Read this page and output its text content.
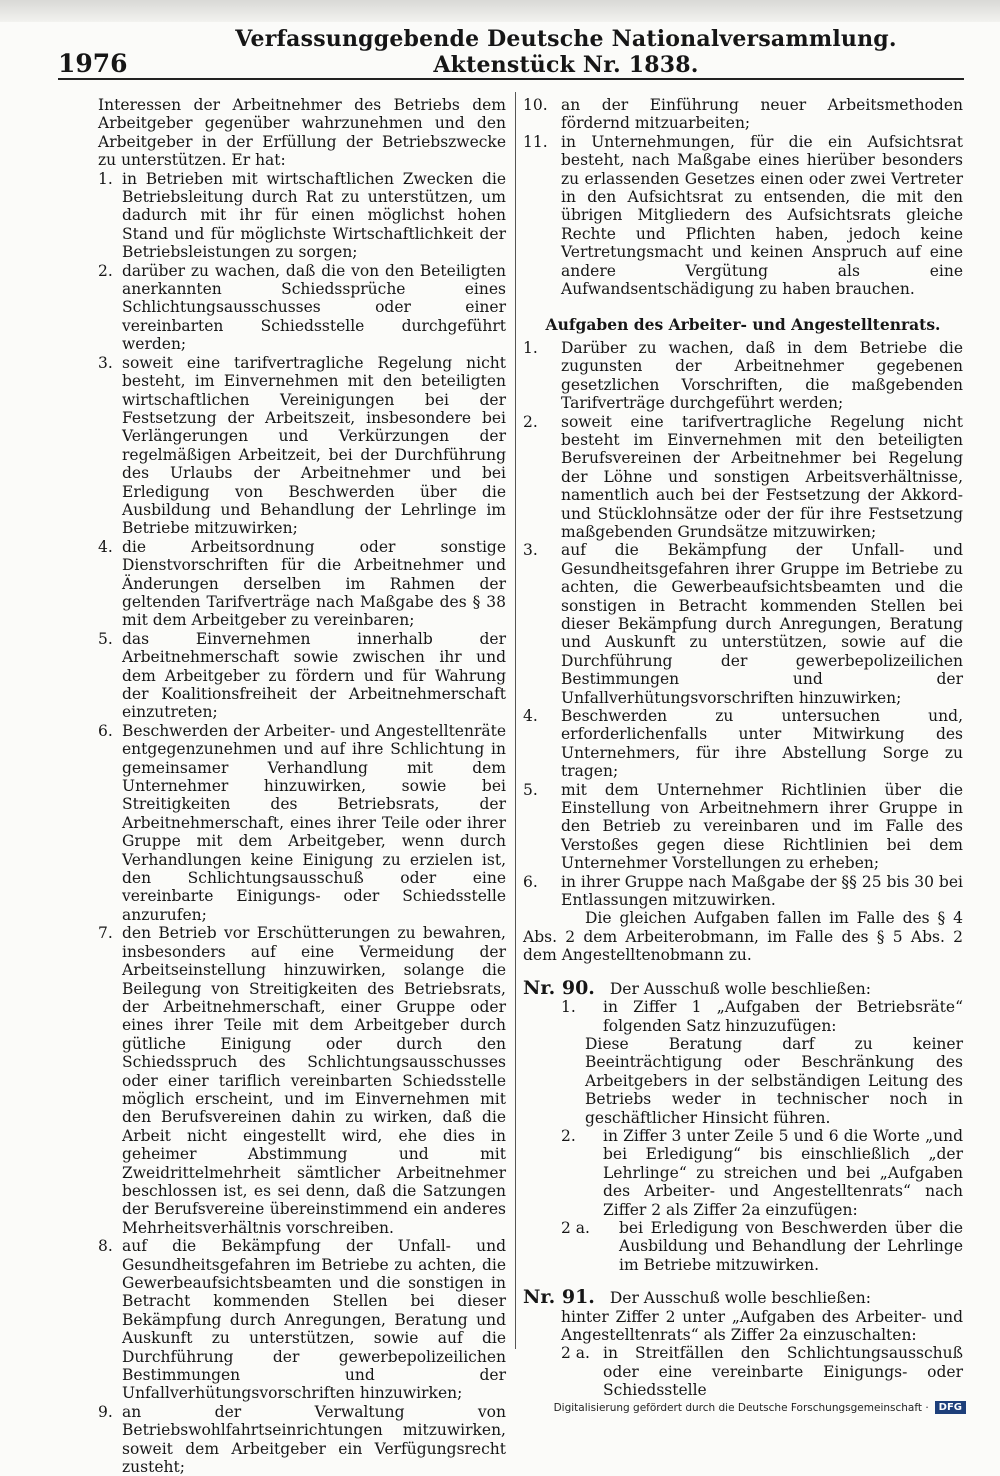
1976
Verfassunggebende Deutsche Nationalversammlung. Aktenstück Nr. 1838.

Interessen der Arbeitnehmer des Betriebs dem Arbeitgeber gegenüber wahrzunehmen und den Arbeitgeber in der Erfüllung der Betriebszwecke zu unterstützen. Er hat:

1. in Betrieben mit wirtschaftlichen Zwecken die Betriebsleitung durch Rat zu unterstützen, um dadurch mit ihr für einen möglichst hohen Stand und für möglichste Wirtschaftlichkeit der Betriebsleistungen zu sorgen;
2. darüber zu wachen, daß die von den Beteiligten anerkannten Schiedssprüche eines Schlichtungsausschusses oder einer vereinbarten Schiedsstelle durchgeführt werden;
3. soweit eine tarifvertragliche Regelung nicht besteht, im Einvernehmen mit den beteiligten wirtschaftlichen Vereinigungen bei der Festsetzung der Arbeitszeit, insbesondere bei Verlängerungen und Verkürzungen der regelmäßigen Arbeitzeit, bei der Durchführung des Urlaubs der Arbeitnehmer und bei Erledigung von Beschwerden über die Ausbildung und Behandlung der Lehrlinge im Betriebe mitzuwirken;
4. die Arbeitsordnung oder sonstige Dienstvorschriften für die Arbeitnehmer und Änderungen derselben im Rahmen der geltenden Tarifverträge nach Maßgabe des § 38 mit dem Arbeitgeber zu vereinbaren;
5. das Einvernehmen innerhalb der Arbeitnehmerschaft sowie zwischen ihr und dem Arbeitgeber zu fördern und für Wahrung der Koalitionsfreiheit der Arbeitnehmerschaft einzutreten;
6. Beschwerden der Arbeiter- und Angestelltenräte entgegenzunehmen und auf ihre Schlichtung in gemeinsamer Verhandlung mit dem Unternehmer hinzuwirken, sowie bei Streitigkeiten des Betriebsrats, der Arbeitnehmerschaft, eines ihrer Teile oder ihrer Gruppe mit dem Arbeitgeber, wenn durch Verhandlungen keine Einigung zu erzielen ist, den Schlichtungsausschuß oder eine vereinbarte Einigungs- oder Schiedsstelle anzurufen;
7. den Betrieb vor Erschütterungen zu bewahren, insbesonders auf eine Vermeidung der Arbeitseinstellung hinzuwirken, solange die Beilegung von Streitigkeiten des Betriebsrats, der Arbeitnehmerschaft, einer Gruppe oder eines ihrer Teile mit dem Arbeitgeber durch gütliche Einigung oder durch den Schiedsspruch des Schlichtungsausschusses oder einer tariflich vereinbarten Schiedsstelle möglich erscheint, und im Einvernehmen mit den Berufsvereinen dahin zu wirken, daß die Arbeit nicht eingestellt wird, ehe dies in geheimer Abstimmung und mit Zweidrittelmehrheit sämtlicher Arbeitnehmer beschlossen ist, es sei denn, daß die Satzungen der Berufsvereine übereinstimmend ein anderes Mehrheitsverhältnis vorschreiben.
8. auf die Bekämpfung der Unfall- und Gesundheitsgefahren im Betriebe zu achten, die Gewerbeaufsichtsbeamten und die sonstigen in Betracht kommenden Stellen bei dieser Bekämpfung durch Anregungen, Beratung und Auskunft zu unterstützen, sowie auf die Durchführung der gewerbepolizeilichen Bestimmungen und der Unfallverhütungsvorschriften hinzuwirken;
9. an der Verwaltung von Betriebswohlfahrtseinrichtungen mitzuwirken, soweit dem Arbeitgeber ein Verfügungsrecht zusteht;
10. an der Einführung neuer Arbeitsmethoden fördernd mitzuarbeiten;
11. in Unternehmungen, für die ein Aufsichtsrat besteht, nach Maßgabe eines hierüber besonders zu erlassenden Gesetzes einen oder zwei Vertreter in den Aufsichtsrat zu entsenden, die mit den übrigen Mitgliedern des Aufsichtsrats gleiche Rechte und Pflichten haben, jedoch keine Vertretungsmacht und keinen Anspruch auf eine andere Vergütung als eine Aufwandsentschädigung zu haben brauchen.
Aufgaben des Arbeiter- und Angestelltenrats.
1.	Darüber zu wachen, daß in dem Betriebe die zugunsten der Arbeitnehmer gegebenen gesetzlichen Vorschriften, die maßgebenden Tarifverträge durchgeführt werden;
2.	soweit eine tarifvertragliche Regelung nicht besteht im Einvernehmen mit den beteiligten Berufsvereinen der Arbeitnehmer bei Regelung der Löhne und sonstigen Arbeitsverhältnisse, namentlich auch bei der Festsetzung der Akkord- und Stücklohnsätze oder der für ihre Festsetzung maßgebenden Grundsätze mitzuwirken;
3.	auf die Bekämpfung der Unfall- und Gesundheitsgefahren ihrer Gruppe im Betriebe zu achten, die Gewerbeaufsichtsbeamten und die sonstigen in Betracht kommenden Stellen bei dieser Bekämpfung durch Anregungen, Beratung und Auskunft zu unterstützen, sowie auf die Durchführung der gewerbepolizeilichen Bestimmungen und der Unfallverhütungsvorschriften hinzuwirken;
4.	Beschwerden zu untersuchen und, erforderlichenfalls unter Mitwirkung des Unternehmers, für ihre Abstellung Sorge zu tragen;
5.	mit dem Unternehmer Richtlinien über die Einstellung von Arbeitnehmern ihrer Gruppe in den Betrieb zu vereinbaren und im Falle des Verstoßes gegen diese Richtlinien bei dem Unternehmer Vorstellungen zu erheben;
6.	in ihrer Gruppe nach Maßgabe der §§ 25 bis 30 bei Entlassungen mitzuwirken.

Die gleichen Aufgaben fallen im Falle des § 4 Abs. 2 dem Arbeiterobmann, im Falle des § 5 Abs. 2 dem Angestelltenobmann zu.

Nr. 90. Der Ausschuß wolle beschließen:
1.	in Ziffer 1 „Aufgaben der Betriebsräte“ folgenden Satz hinzuzufügen:

Diese Beratung darf zu keiner Beeinträchtigung oder Beschränkung des Arbeitgebers in der selbständigen Leitung des Betriebs weder in technischer noch in geschäftlicher Hinsicht führen.

2.	in Ziffer 3 unter Zeile 5 und 6 die Worte „und bei Erledigung“ bis einschließlich „der Lehrlinge“ zu streichen und bei „Aufgaben des Arbeiter- und Angestelltenrats“ nach Ziffer 2 als Ziffer 2a einzufügen:
2 a.	bei Erledigung von Beschwerden über die Ausbildung und Behandlung der Lehrlinge im Betriebe mitzuwirken.
Nr. 91. Der Ausschuß wolle beschließen:

hinter Ziffer 2 unter „Aufgaben des Arbeiter- und Angestelltenrats“ als Ziffer 2a einzuschalten:

2 a. in Streitfällen den Schlichtungsausschuß oder eine vereinbarte Einigungs- oder Schiedsstelle
Digitalisierung gefördert durch die Deutsche Forschungsgemeinschaft ·	DFG
